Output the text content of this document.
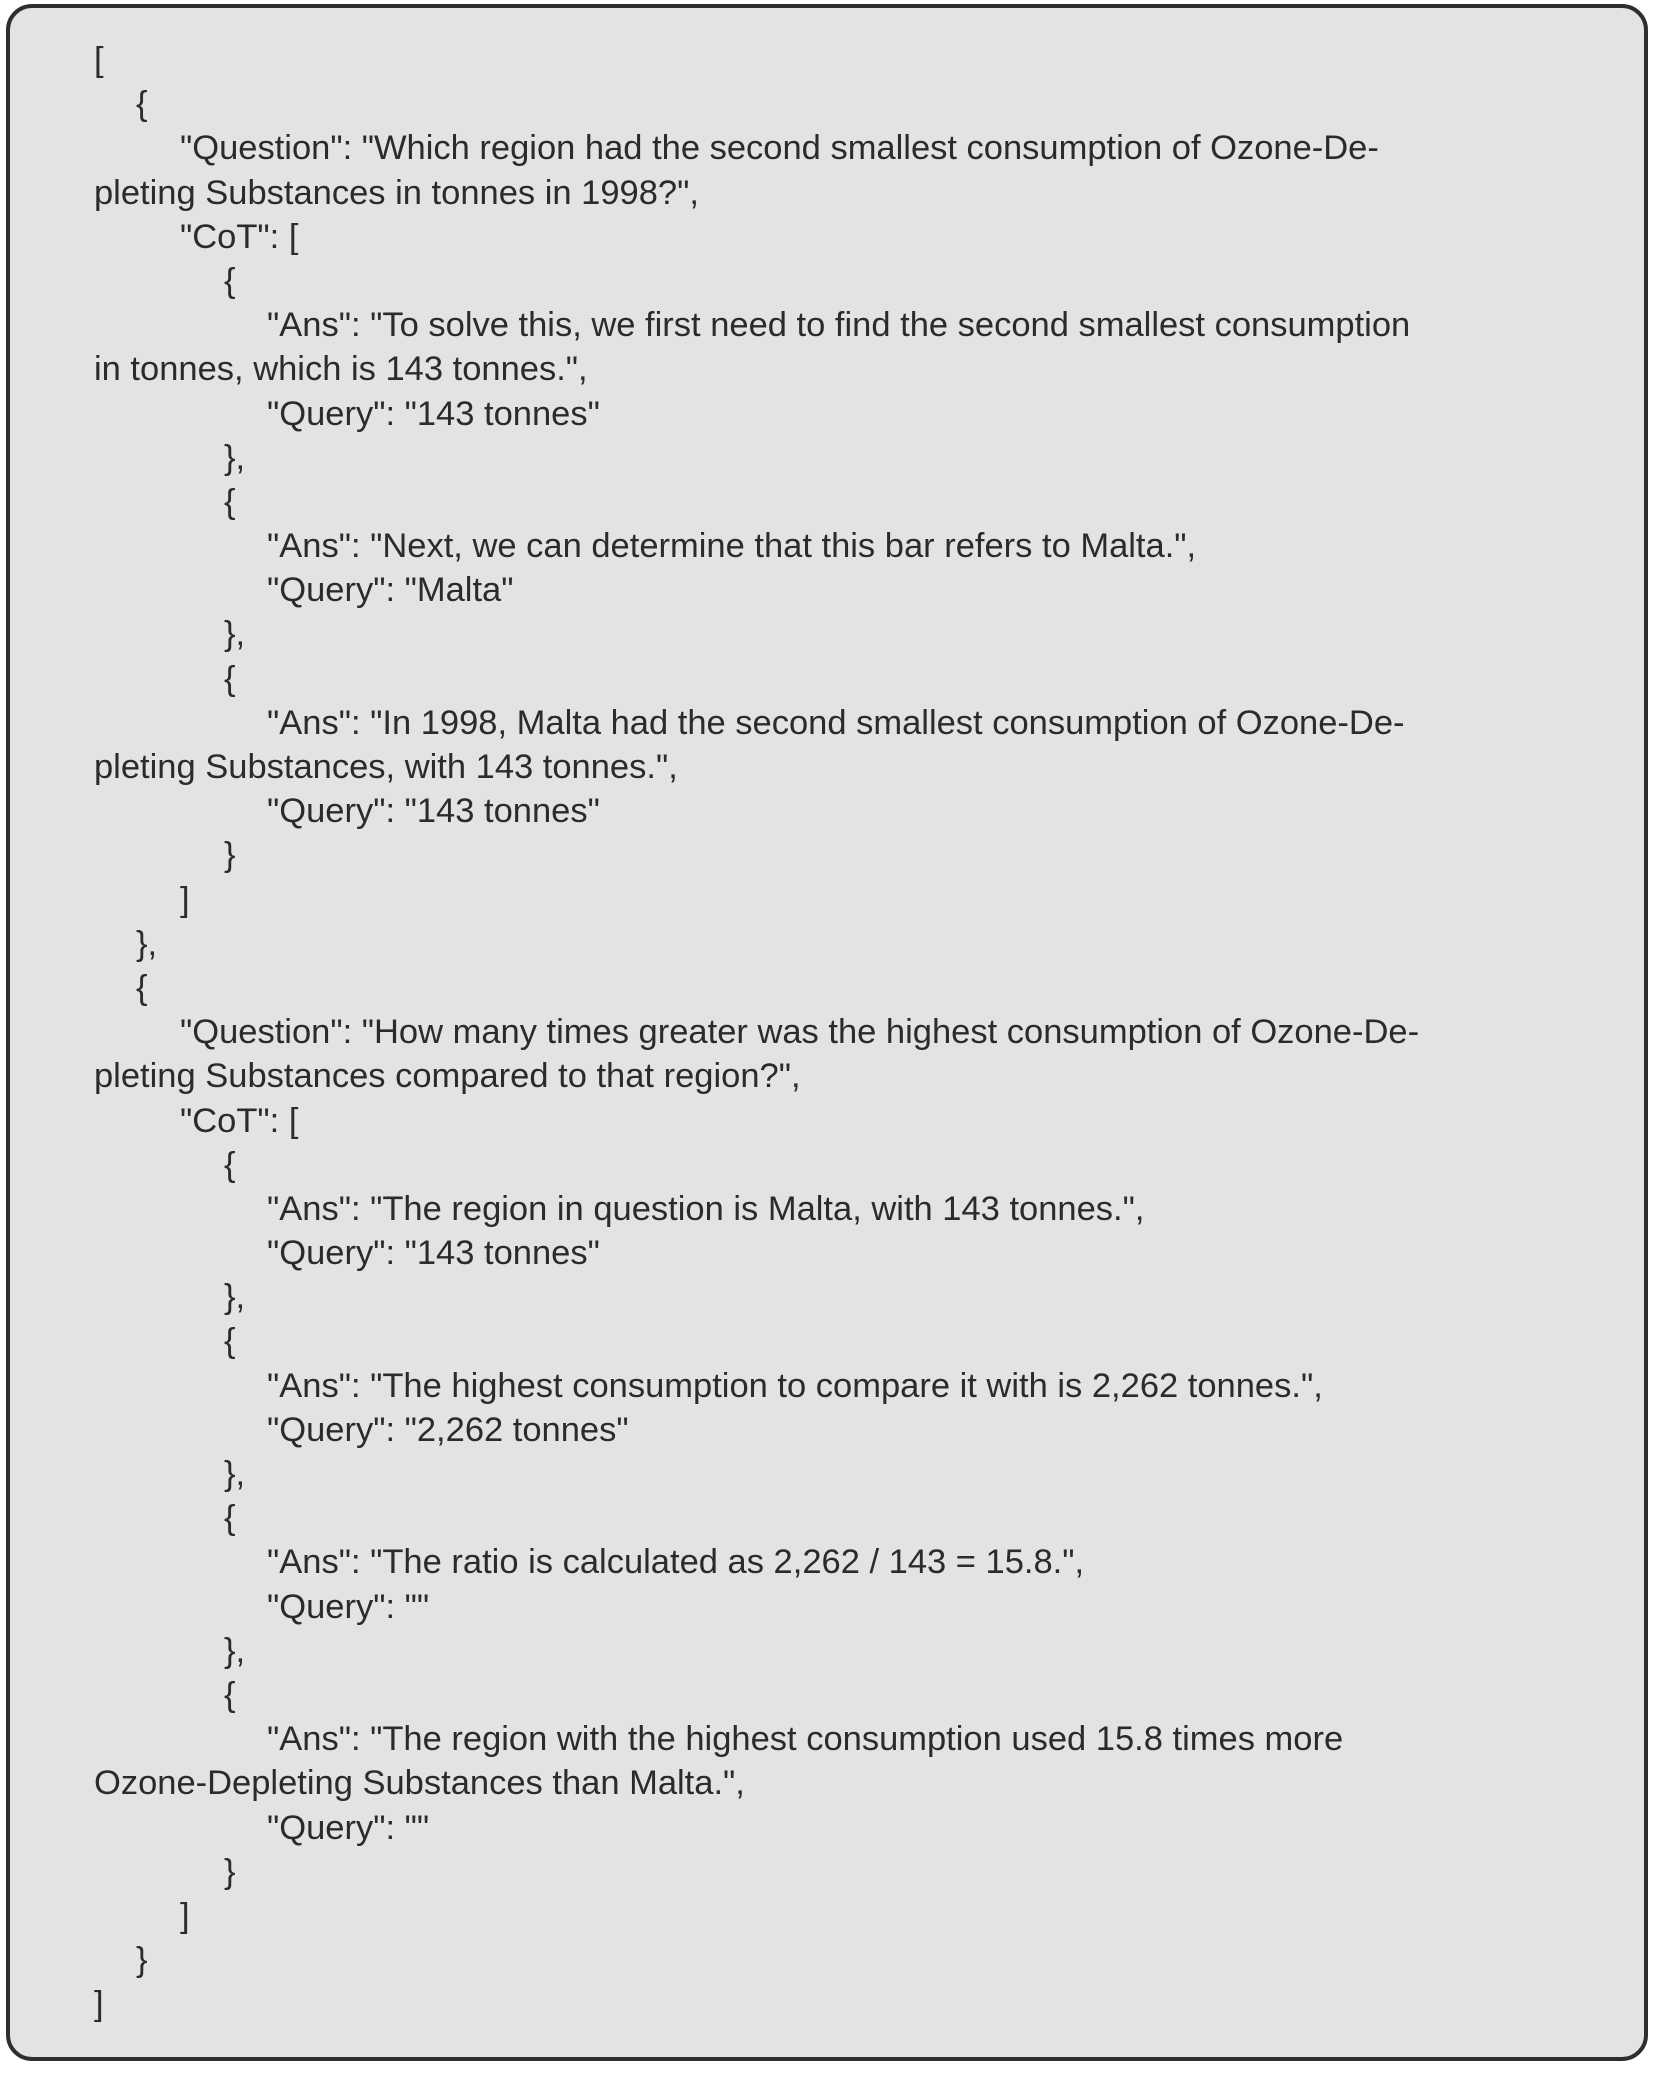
[
{
"Question": "Which region had the second smallest consumption of Ozone-De-
pleting Substances in tonnes in 1998?",
"CoT": [
{
"Ans": "To solve this, we first need to find the second smallest consumption
in tonnes, which is 143 tonnes.",
"Query": "143 tonnes"
},
{
"Ans": "Next, we can determine that this bar refers to Malta.",
"Query": "Malta"
},
{
"Ans": "In 1998, Malta had the second smallest consumption of Ozone-De-
pleting Substances, with 143 tonnes.",
"Query": "143 tonnes"
}
]
},
{
"Question": "How many times greater was the highest consumption of Ozone-De-
pleting Substances compared to that region?",
"CoT": [
{
"Ans": "The region in question is Malta, with 143 tonnes.",
"Query": "143 tonnes"
},
{
"Ans": "The highest consumption to compare it with is 2,262 tonnes.",
"Query": "2,262 tonnes"
},
{
"Ans": "The ratio is calculated as 2,262 / 143 = 15.8.",
"Query": ""
},
{
"Ans": "The region with the highest consumption used 15.8 times more
Ozone-Depleting Substances than Malta.",
"Query": ""
}
]
}
]
